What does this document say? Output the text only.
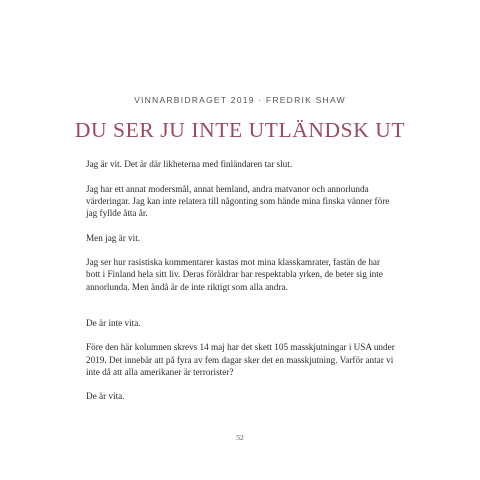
VINNARBIDRAGET 2019 · FREDRIK SHAW
DU SER JU INTE UTLÄNDSK UT

Jag är vit. Det är där likheterna med finländaren tar slut.

Jag har ett annat modersmål, annat hemland, andra matvanor och annorlunda värderingar. Jag kan inte relatera till någonting som hände mina finska vänner före jag fyllde åtta år.

Men jag är vit.

Jag ser hur rasistiska kommentarer kastas mot mina klasskamrater, fastän de har bott i Finland hela sitt liv. Deras föräldrar har respektabla yrken, de beter sig inte annorlunda. Men ändå är de inte riktigt som alla andra.

De är inte vita.

Före den här kolumnen skrevs 14 maj har det skett 105 masskjutningar i USA under 2019. Det innebär att på fyra av fem dagar sker det en masskjutning. Varför antar vi inte då att alla amerikaner är terrorister?

De är vita.

52
